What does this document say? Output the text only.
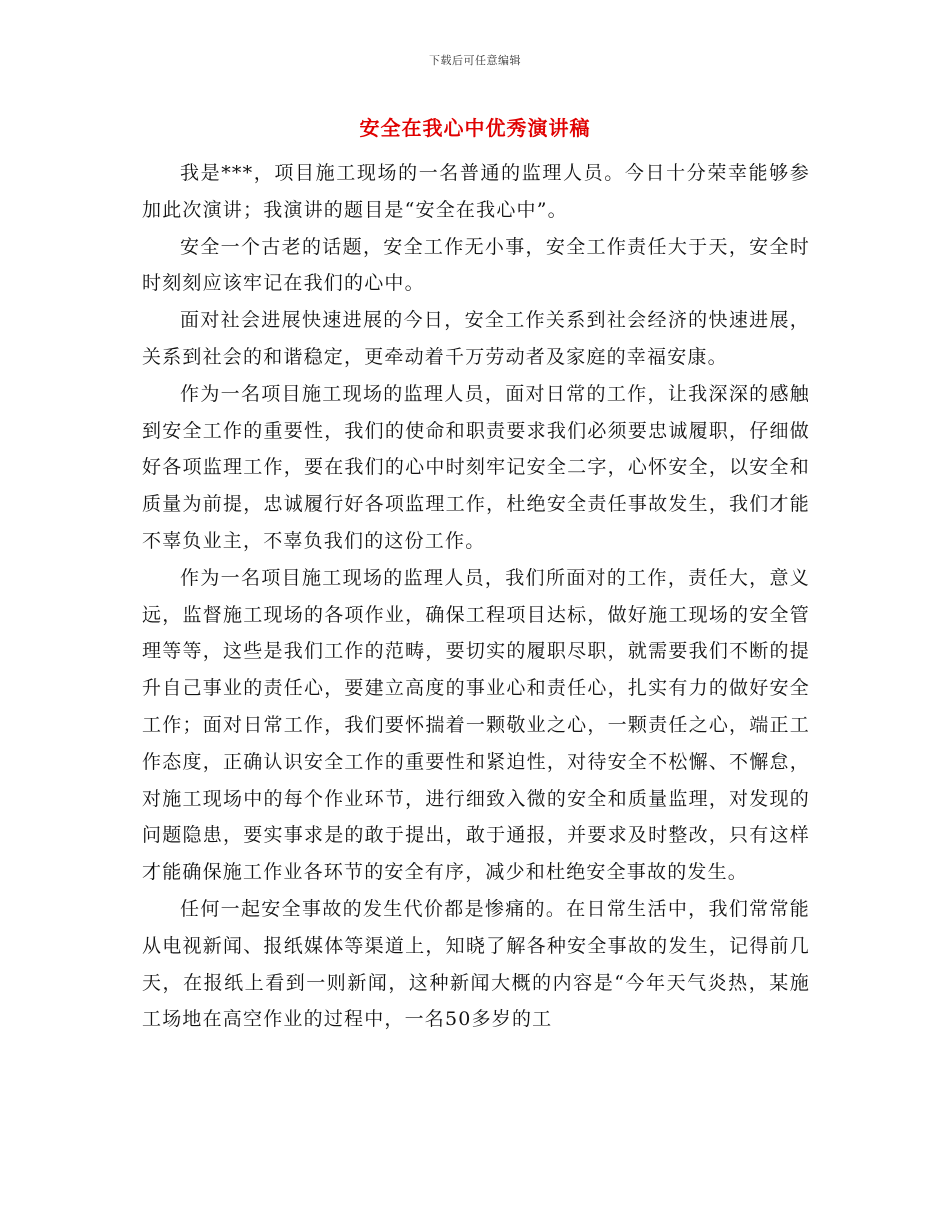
下载后可任意编辑
安全在我心中优秀演讲稿

我是***，项目施工现场的一名普通的监理人员。今日十分荣幸能够参加此次演讲；我演讲的题目是“安全在我心中”。

安全一个古老的话题，安全工作无小事，安全工作责任大于天，安全时时刻刻应该牢记在我们的心中。

面对社会进展快速进展的今日，安全工作关系到社会经济的快速进展，关系到社会的和谐稳定，更牵动着千万劳动者及家庭的幸福安康。

作为一名项目施工现场的监理人员，面对日常的工作，让我深深的感触到安全工作的重要性，我们的使命和职责要求我们必须要忠诚履职，仔细做好各项监理工作，要在我们的心中时刻牢记安全二字，心怀安全，以安全和质量为前提，忠诚履行好各项监理工作，杜绝安全责任事故发生，我们才能不辜负业主，不辜负我们的这份工作。

作为一名项目施工现场的监理人员，我们所面对的工作，责任大，意义远，监督施工现场的各项作业，确保工程项目达标，做好施工现场的安全管理等等，这些是我们工作的范畴，要切实的履职尽职，就需要我们不断的提升自己事业的责任心，要建立高度的事业心和责任心，扎实有力的做好安全工作；面对日常工作，我们要怀揣着一颗敬业之心，一颗责任之心，端正工作态度，正确认识安全工作的重要性和紧迫性，对待安全不松懈、不懈怠，对施工现场中的每个作业环节，进行细致入微的安全和质量监理，对发现的问题隐患，要实事求是的敢于提出，敢于通报，并要求及时整改，只有这样才能确保施工作业各环节的安全有序，减少和杜绝安全事故的发生。

任何一起安全事故的发生代价都是惨痛的。在日常生活中，我们常常能从电视新闻、报纸媒体等渠道上，知晓了解各种安全事故的发生，记得前几天，在报纸上看到一则新闻，这种新闻大概的内容是“今年天气炎热，某施工场地在高空作业的过程中，一名50多岁的工
